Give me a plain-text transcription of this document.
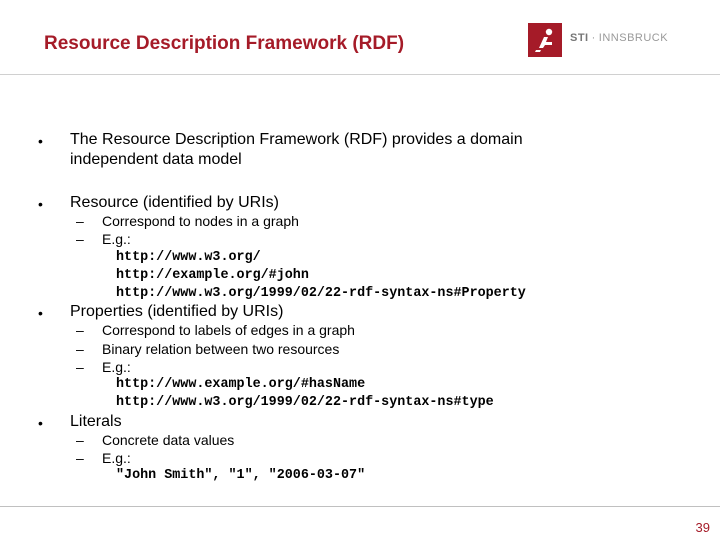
Resource Description Framework (RDF)	STI · INNSBRUCK
• The Resource Description Framework (RDF) provides a domain
independent data model
• Resource (identified by URIs)
– Correspond to nodes in a graph
– E.g.:
http://www.w3.org/
http://example.org/#john
http://www.w3.org/1999/02/22-rdf-syntax-ns#Property
• Properties (identified by URIs)
– Correspond to labels of edges in a graph
– Binary relation between two resources
– E.g.:
http://www.example.org/#hasName
http://www.w3.org/1999/02/22-rdf-syntax-ns#type
• Literals
– Concrete data values
– E.g.:
"John Smith", "1", "2006-03-07"
39
